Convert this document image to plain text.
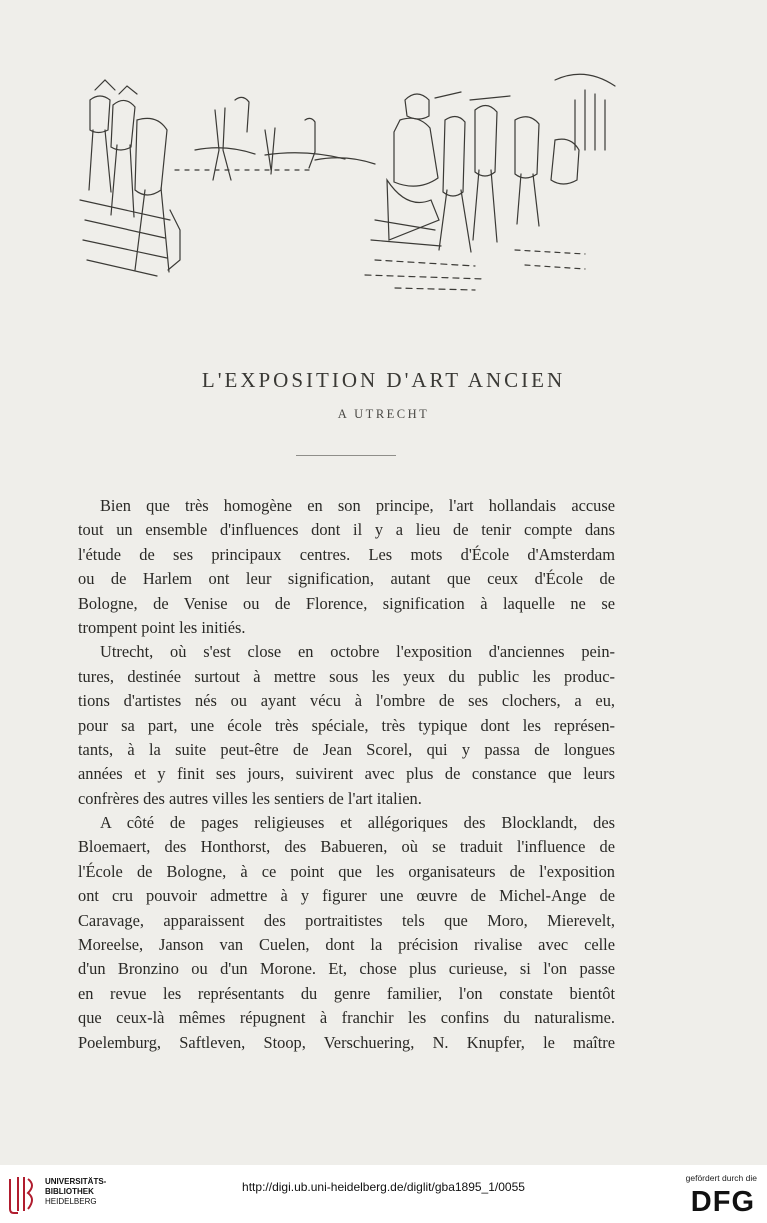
L'EXPOSITION D'ART ANCIEN
A UTRECHT
Bien que très homogène en son principe, l'art hollandais accuse
tout un ensemble d'influences dont il y a lieu de tenir compte dans
l'étude de ses principaux centres. Les mots d'École d'Amsterdam
ou de Harlem ont leur signification, autant que ceux d'École de
Bologne, de Venise ou de Florence, signification à laquelle ne se
trompent point les initiés.
Utrecht, où s'est close en octobre l'exposition d'anciennes pein-
tures, destinée surtout à mettre sous les yeux du public les produc-
tions d'artistes nés ou ayant vécu à l'ombre de ses clochers, a eu,
pour sa part, une école très spéciale, très typique dont les représen-
tants, à la suite peut-être de Jean Scorel, qui y passa de longues
années et y finit ses jours, suivirent avec plus de constance que leurs
confrères des autres villes les sentiers de l'art italien.
A côté de pages religieuses et allégoriques des Blocklandt, des
Bloemaert, des Honthorst, des Babueren, où se traduit l'influence de
l'École de Bologne, à ce point que les organisateurs de l'exposition
ont cru pouvoir admettre à y figurer une œuvre de Michel-Ange de
Caravage, apparaissent des portraitistes tels que Moro, Mierevelt,
Moreelse, Janson van Cuelen, dont la précision rivalise avec celle
d'un Bronzino ou d'un Morone. Et, chose plus curieuse, si l'on passe
en revue les représentants du genre familier, l'on constate bientôt
que ceux-là mêmes répugnent à franchir les confins du naturalisme.
Poelemburg, Saftleven, Stoop, Verschuering, N. Knupfer, le maître
UNIVERSITÄTS-
BIBLIOTHEK
HEIDELBERG
http://digi.ub.uni-heidelberg.de/diglit/gba1895_1/0055
gefördert durch die
DFG
